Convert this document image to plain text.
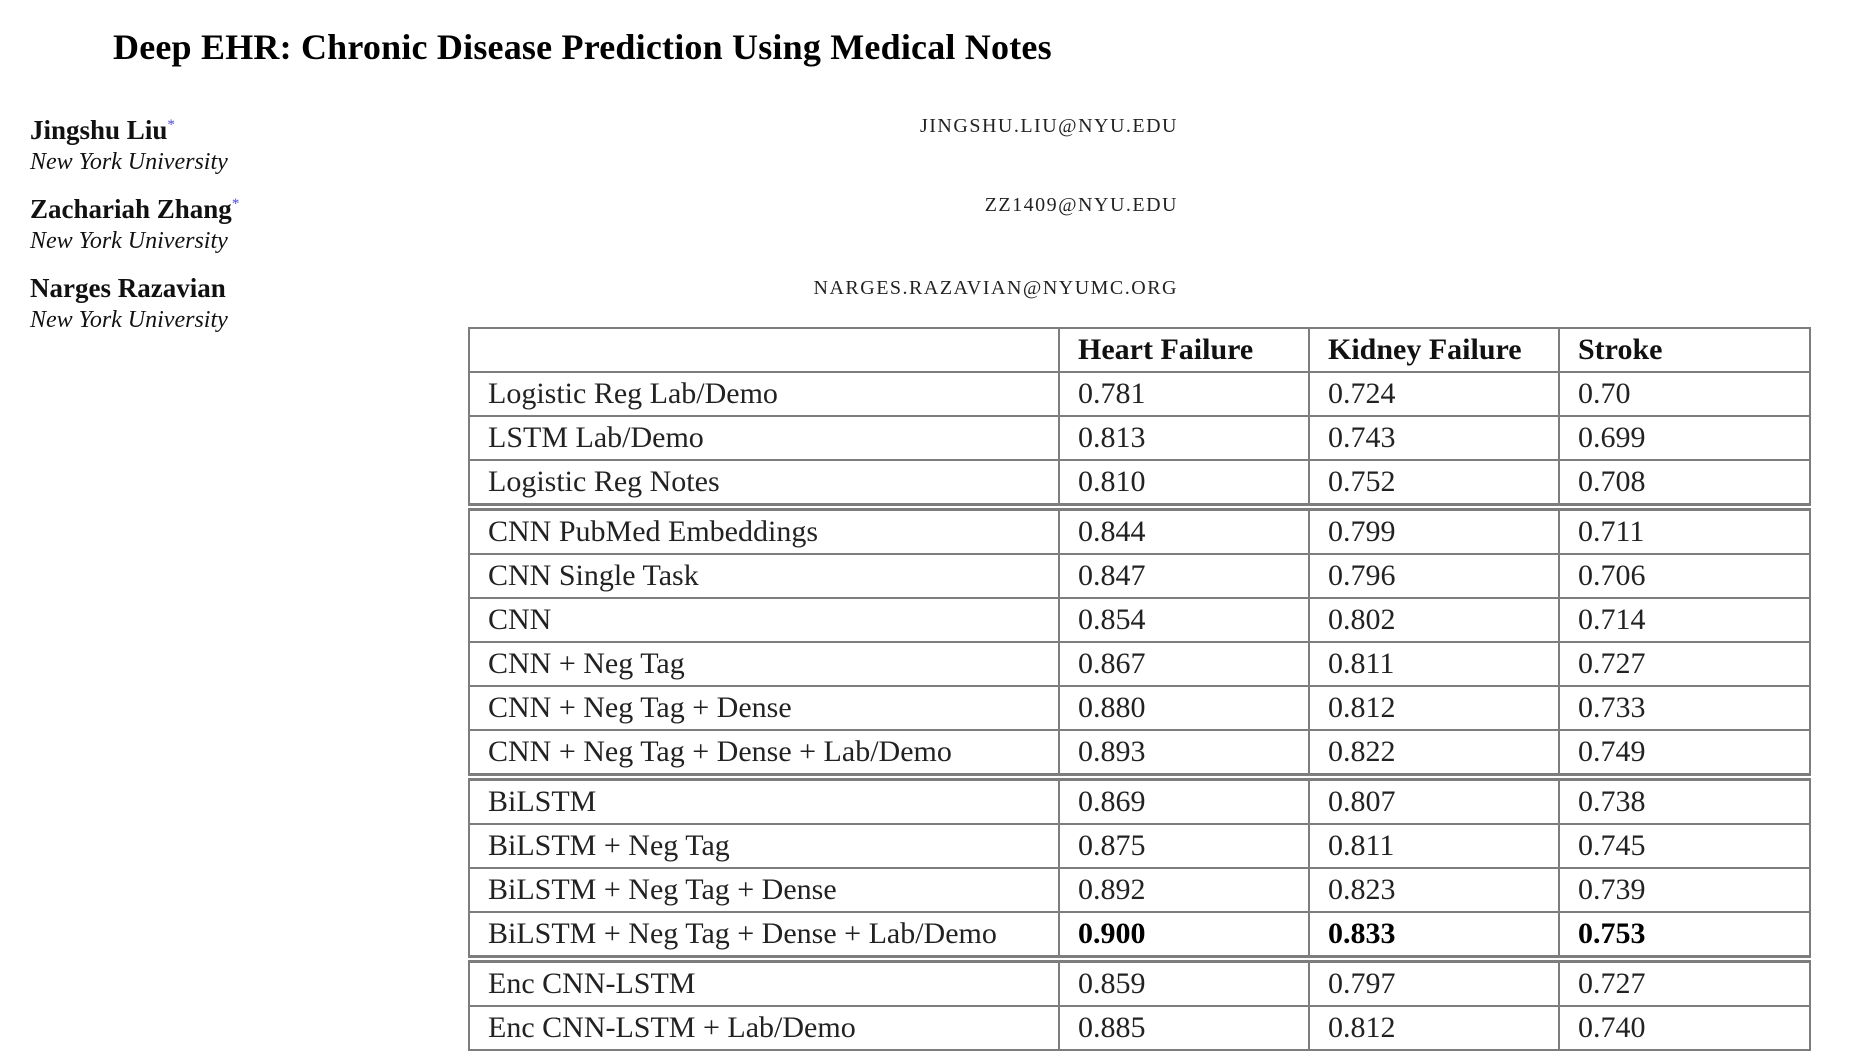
Deep EHR: Chronic Disease Prediction Using Medical Notes
Jingshu Liu*
New York University
JINGSHU.LIU@NYU.EDU
Zachariah Zhang*
New York University
ZZ1409@NYU.EDU
Narges Razavian
New York University
NARGES.RAZAVIAN@NYUMC.ORG
	Heart Failure	Kidney Failure	Stroke
Logistic Reg Lab/Demo	0.781	0.724	0.70
LSTM Lab/Demo	0.813	0.743	0.699
Logistic Reg Notes	0.810	0.752	0.708
CNN PubMed Embeddings	0.844	0.799	0.711
CNN Single Task	0.847	0.796	0.706
CNN	0.854	0.802	0.714
CNN + Neg Tag	0.867	0.811	0.727
CNN + Neg Tag + Dense	0.880	0.812	0.733
CNN + Neg Tag + Dense + Lab/Demo	0.893	0.822	0.749
BiLSTM	0.869	0.807	0.738
BiLSTM + Neg Tag	0.875	0.811	0.745
BiLSTM + Neg Tag + Dense	0.892	0.823	0.739
BiLSTM + Neg Tag + Dense + Lab/Demo	0.900	0.833	0.753
Enc CNN-LSTM	0.859	0.797	0.727
Enc CNN-LSTM + Lab/Demo	0.885	0.812	0.740
